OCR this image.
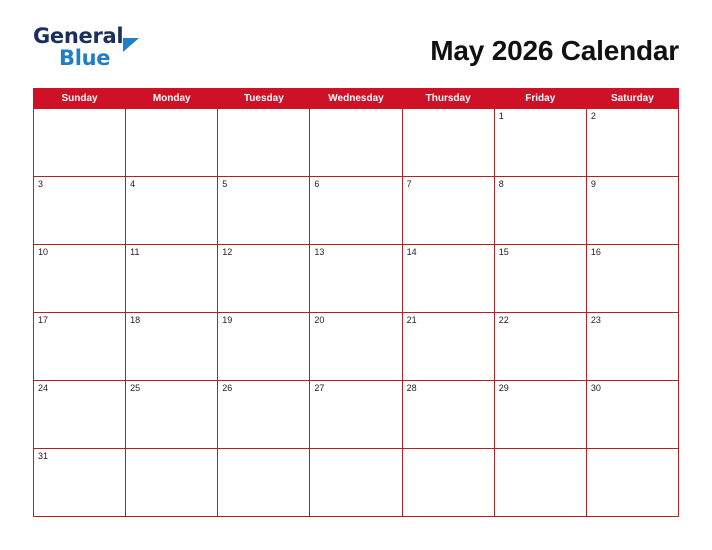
General
Blue	May 2026 Calendar
Sunday	Monday	Tuesday	Wednesday	Thursday	Friday	Saturday

					1	2

3	4	5	6	7	8	9

10	11	12	13	14	15	16

17	18	19	20	21	22	23

24	25	26	27	28	29	30

31						
